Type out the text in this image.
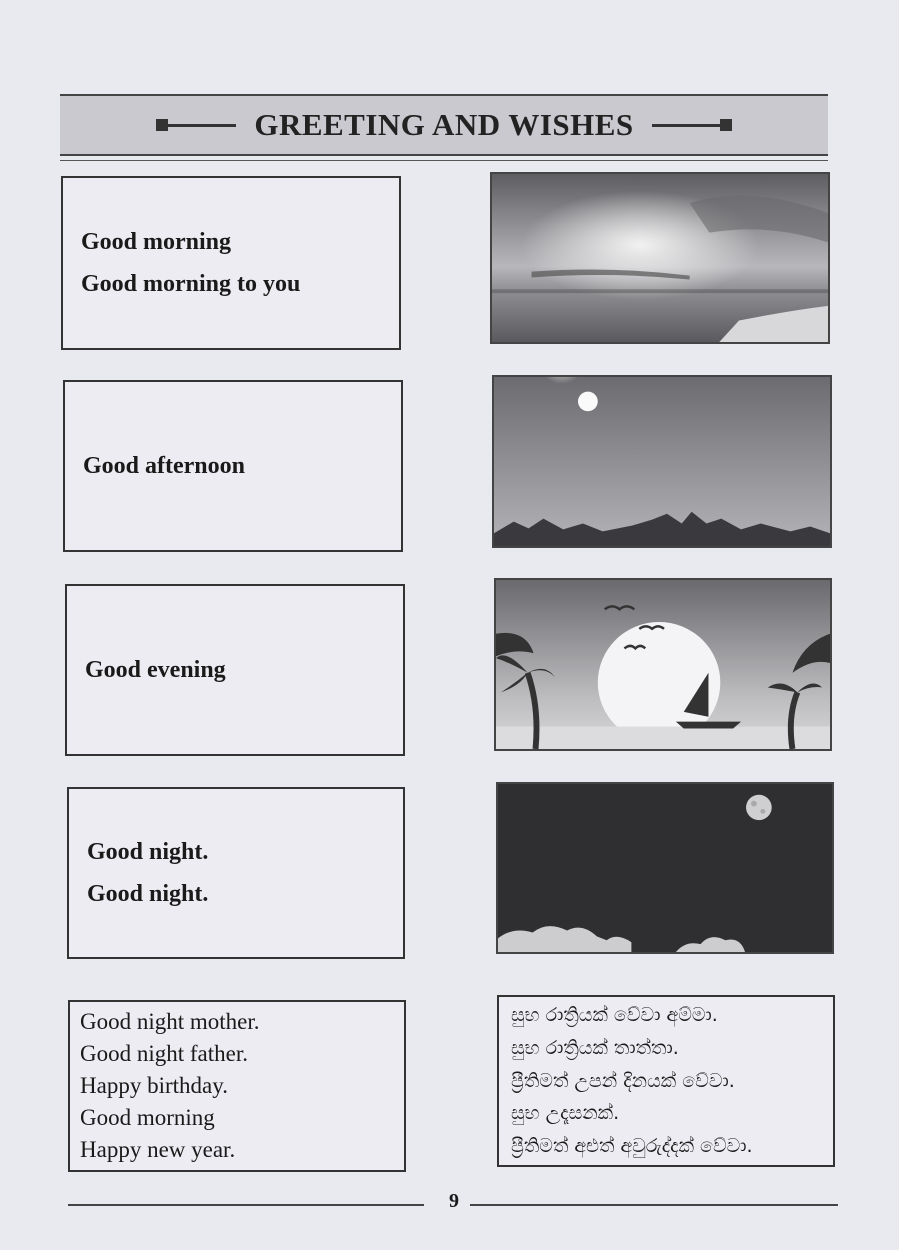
GREETING AND WISHES
Good morning
Good morning to you
Good afternoon
Good evening
Good night.
Good night.
Good night mother.
Good night father.
Happy birthday.
Good morning
Happy new year.
සුභ රාත්‍රියක් වේවා අම්මා.
සුභ රාත්‍රියක් තාත්තා.
ප්‍රීතිමත් උපන් දිනයක් වේවා.
සුභ උදෑසනක්.
ප්‍රීතිමත් අළුත් අවුරුද්දක් වේවා.
9
